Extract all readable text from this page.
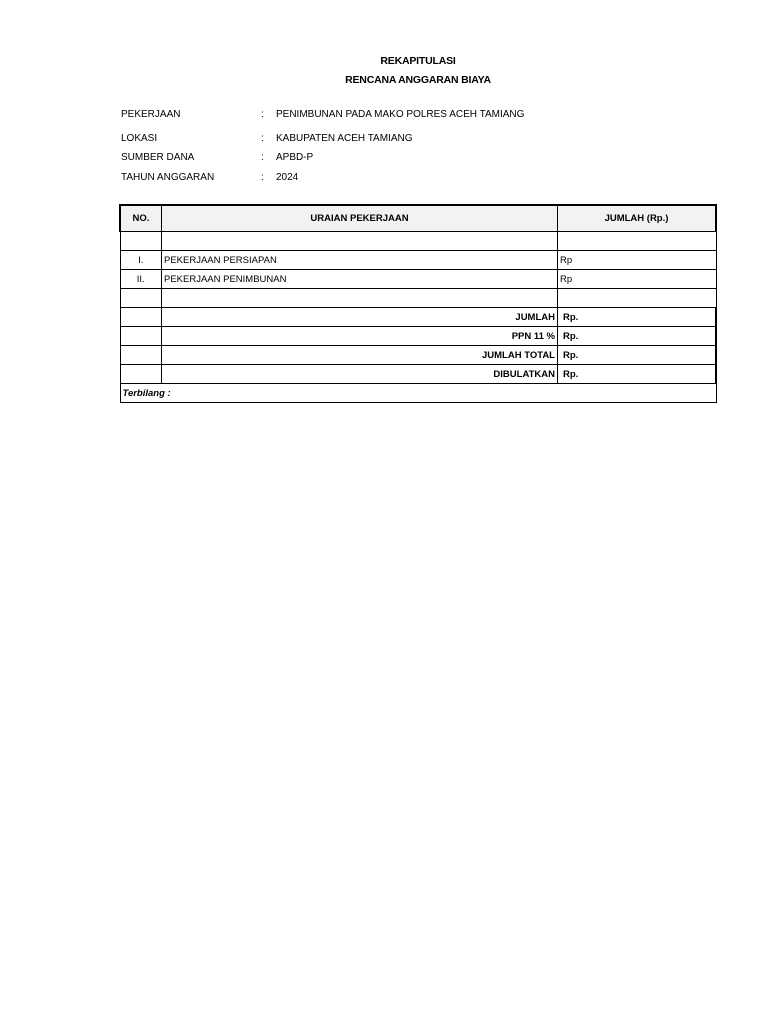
REKAPITULASI
RENCANA ANGGARAN BIAYA
PEKERJAAN	: PENIMBUNAN PADA MAKO POLRES ACEH TAMIANG
LOKASI	: KABUPATEN ACEH TAMIANG
SUMBER DANA	: APBD-P
TAHUN ANGGARAN	: 2024
NO.	URAIAN PEKERJAAN	JUMLAH (Rp.)

I.	PEKERJAAN PERSIAPAN	Rp
II.	PEKERJAAN PENIMBUNAN	Rp

	JUMLAH	Rp.
	PPN 11 %	Rp.
	JUMLAH TOTAL	Rp.
	DIBULATKAN	Rp.
Terbilang :		
